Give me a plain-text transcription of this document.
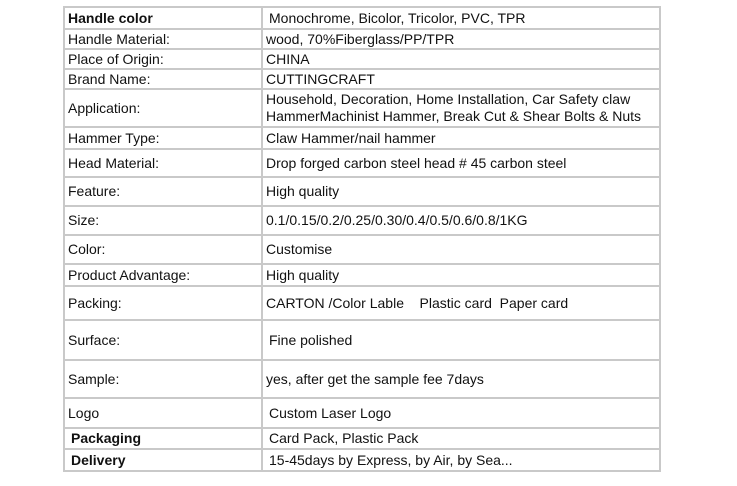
Handle color	Monochrome, Bicolor, Tricolor, PVC, TPR
Handle Material:	wood, 70%Fiberglass/PP/TPR
Place of Origin:	CHINA
Brand Name:	CUTTINGCRAFT
Application:	Household, Decoration, Home Installation, Car Safety claw
HammerMachinist Hammer, Break Cut & Shear Bolts & Nuts

Hammer Type:	Claw Hammer/nail hammer
Head Material:	Drop forged carbon steel head # 45 carbon steel
Feature:	High quality
Size:	0.1/0.15/0.2/0.25/0.30/0.4/0.5/0.6/0.8/1KG
Color:	Customise
Product Advantage:	High quality
Packing:	CARTON /Color Lable    Plastic card  Paper card
Surface:	Fine polished
Sample:	yes, after get the sample fee 7days
Logo	Custom Laser Logo
Packaging	Card Pack, Plastic Pack
Delivery	15-45days by Express, by Air, by Sea...
